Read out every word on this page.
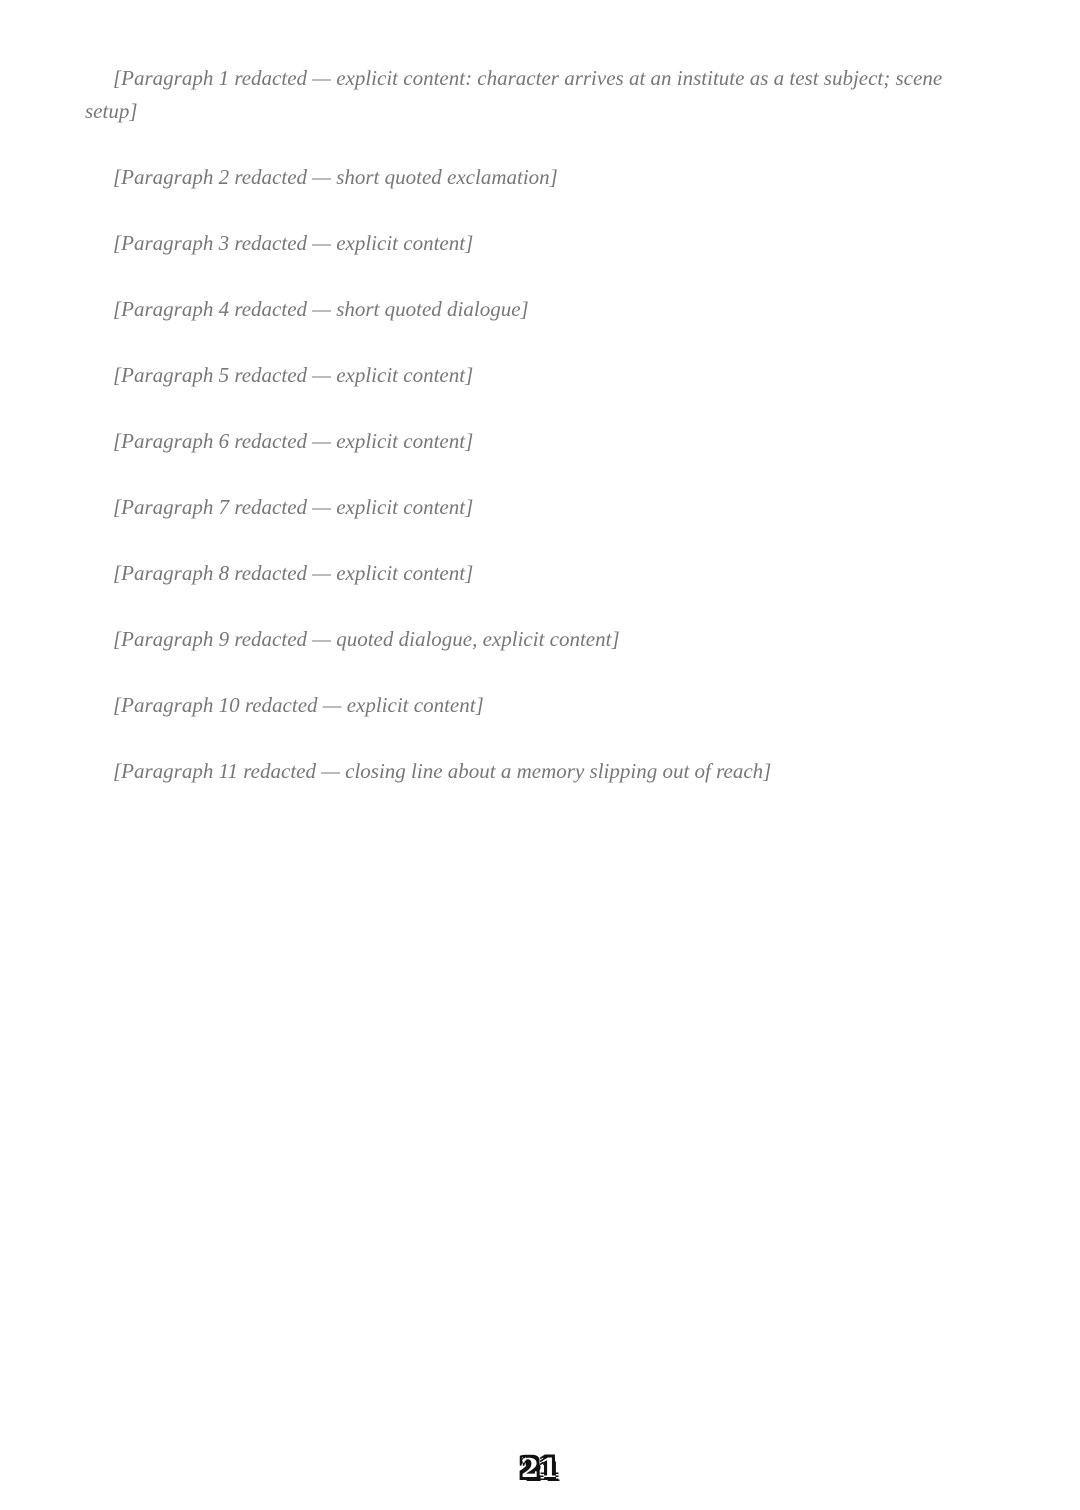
[Paragraph 1 redacted — explicit content: character arrives at an institute as a test subject; scene setup]

[Paragraph 2 redacted — short quoted exclamation]

[Paragraph 3 redacted — explicit content]

[Paragraph 4 redacted — short quoted dialogue]

[Paragraph 5 redacted — explicit content]

[Paragraph 6 redacted — explicit content]

[Paragraph 7 redacted — explicit content]

[Paragraph 8 redacted — explicit content]

[Paragraph 9 redacted — quoted dialogue, explicit content]

[Paragraph 10 redacted — explicit content]

[Paragraph 11 redacted — closing line about a memory slipping out of reach]

21
